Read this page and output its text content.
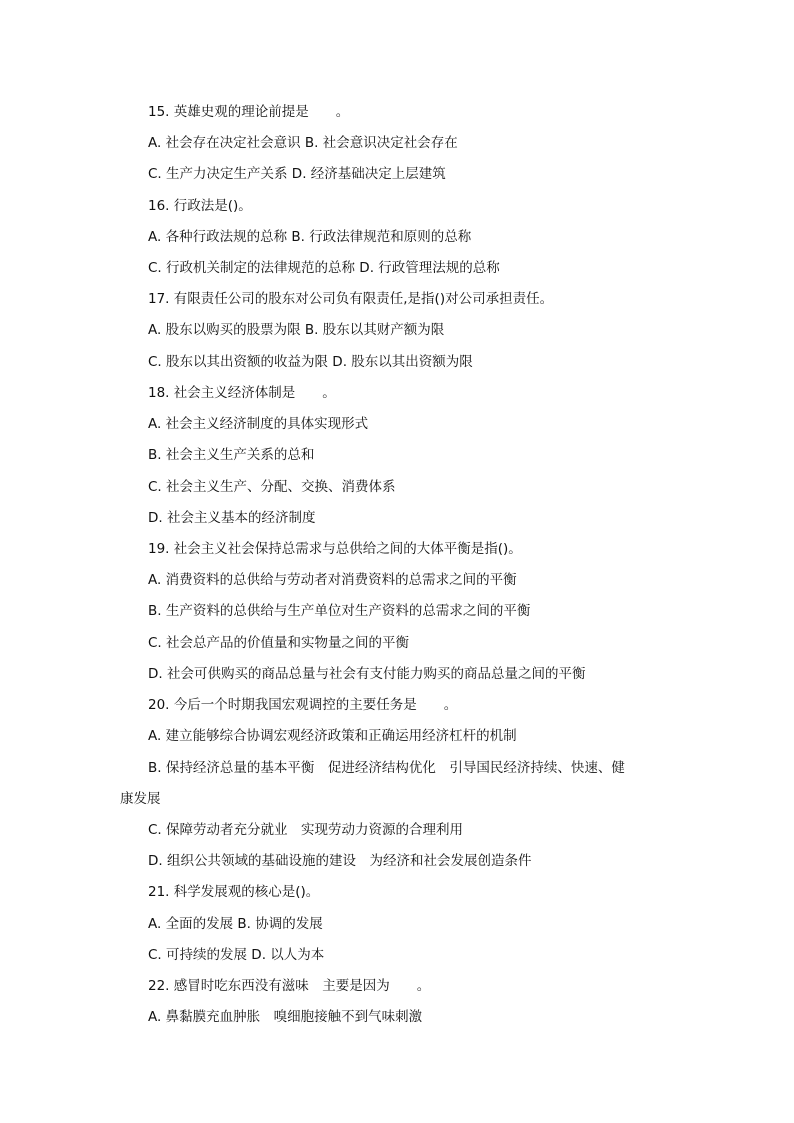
15. 英雄史观的理论前提是　　。
A. 社会存在决定社会意识 B. 社会意识决定社会存在
C. 生产力决定生产关系 D. 经济基础决定上层建筑
16. 行政法是()。
A. 各种行政法规的总称 B. 行政法律规范和原则的总称
C. 行政机关制定的法律规范的总称 D. 行政管理法规的总称
17. 有限责任公司的股东对公司负有限责任,是指()对公司承担责任。
A. 股东以购买的股票为限 B. 股东以其财产额为限
C. 股东以其出资额的收益为限 D. 股东以其出资额为限
18. 社会主义经济体制是　　。
A. 社会主义经济制度的具体实现形式
B. 社会主义生产关系的总和
C. 社会主义生产、分配、交换、消费体系
D. 社会主义基本的经济制度
19. 社会主义社会保持总需求与总供给之间的大体平衡是指()。
A. 消费资料的总供给与劳动者对消费资料的总需求之间的平衡
B. 生产资料的总供给与生产单位对生产资料的总需求之间的平衡
C. 社会总产品的价值量和实物量之间的平衡
D. 社会可供购买的商品总量与社会有支付能力购买的商品总量之间的平衡
20. 今后一个时期我国宏观调控的主要任务是　　。
A. 建立能够综合协调宏观经济政策和正确运用经济杠杆的机制
B. 保持经济总量的基本平衡　促进经济结构优化　引导国民经济持续、快速、健
康发展
C. 保障劳动者充分就业　实现劳动力资源的合理利用
D. 组织公共领域的基础设施的建设　为经济和社会发展创造条件
21. 科学发展观的核心是()。
A. 全面的发展 B. 协调的发展
C. 可持续的发展 D. 以人为本
22. 感冒时吃东西没有滋味　主要是因为　　。
A. 鼻黏膜充血肿胀　嗅细胞接触不到气味刺激
